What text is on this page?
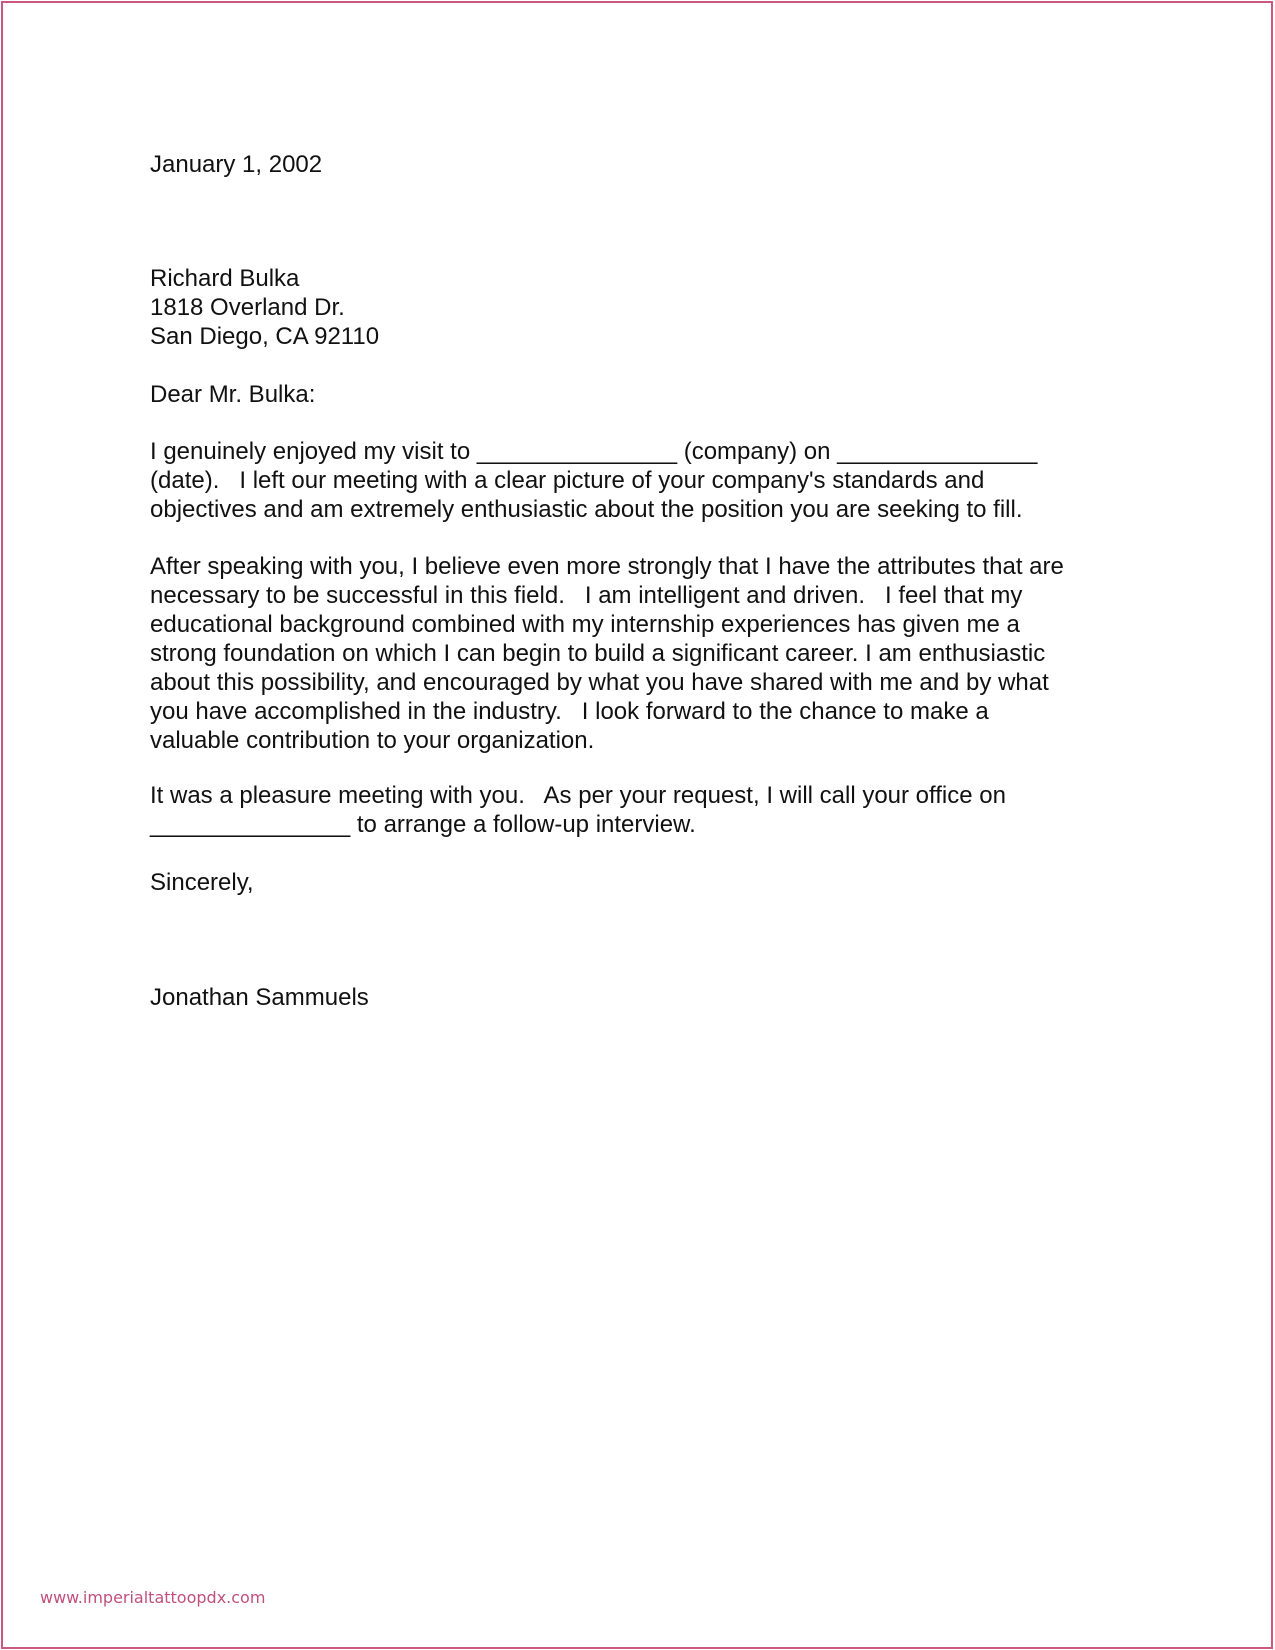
January 1, 2002
Richard Bulka
1818 Overland Dr.
San Diego, CA 92110
Dear Mr. Bulka:
I genuinely enjoyed my visit to _______________ (company) on _______________
(date).   I left our meeting with a clear picture of your company's standards and
objectives and am extremely enthusiastic about the position you are seeking to fill.
After speaking with you, I believe even more strongly that I have the attributes that are
necessary to be successful in this field.   I am intelligent and driven.   I feel that my
educational background combined with my internship experiences has given me a
strong foundation on which I can begin to build a significant career. I am enthusiastic
about this possibility, and encouraged by what you have shared with me and by what
you have accomplished in the industry.   I look forward to the chance to make a
valuable contribution to your organization.
It was a pleasure meeting with you.   As per your request, I will call your office on
_______________ to arrange a follow-up interview.
Sincerely,
Jonathan Sammuels
www.imperialtattoopdx.com
